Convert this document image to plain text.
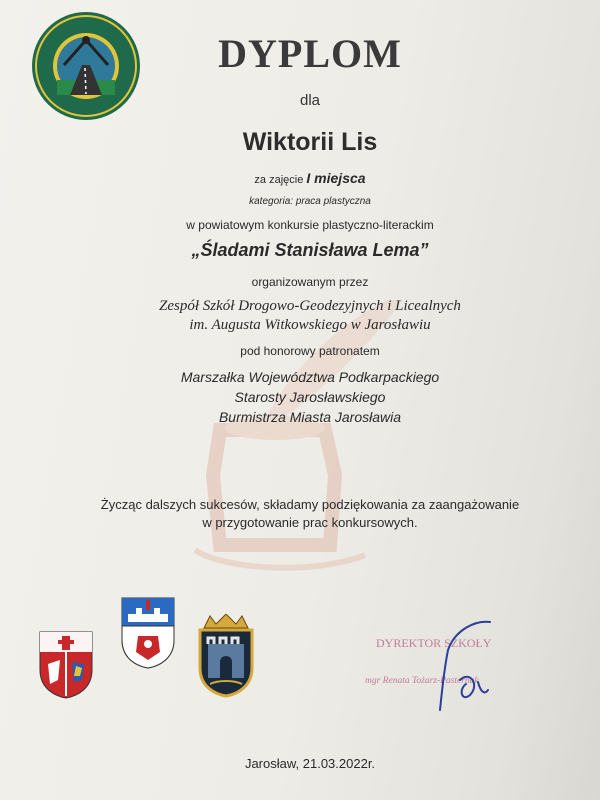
DYPLOM
dla
Wiktorii Lis
za zajęcie I miejsca
kategoria: praca plastyczna
w powiatowym konkursie plastyczno-literackim
„Śladami Stanisława Lema”
organizowanym przez
Zespół Szkół Drogowo-Geodezyjnych i Licealnych
im. Augusta Witkowskiego w Jarosławiu
pod honorowy patronatem
Marszałka Województwa Podkarpackiego
Starosty Jarosławskiego
Burmistrza Miasta Jarosławia
Życząc dalszych sukcesów, składamy podziękowania za zaangażowanie
w przygotowanie prac konkursowych.
DYREKTOR SZKOŁY
mgr Renata Tożarz-Pasternak
Jarosław, 21.03.2022r.
